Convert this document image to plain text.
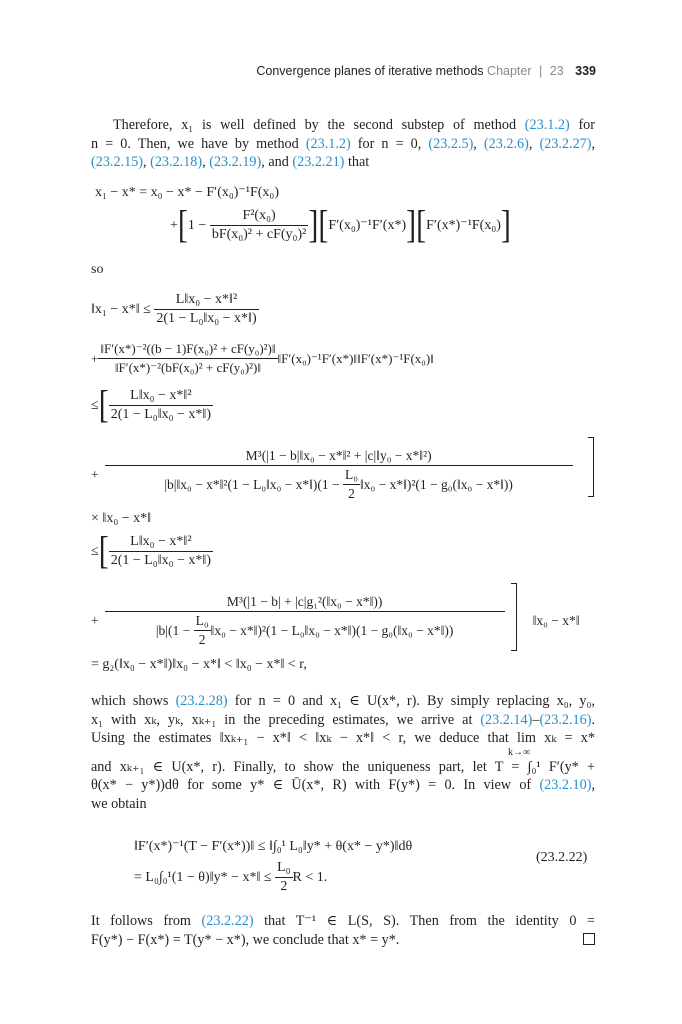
Convergence planes of iterative methods Chapter | 23 339
Therefore, x₁ is well defined by the second substep of method (23.1.2) for
n = 0. Then, we have by method (23.1.2) for n = 0, (23.2.5), (23.2.6), (23.2.27),
(23.2.15), (23.2.18), (23.2.19), and (23.2.21) that
x₁ − x* = x₀ − x* − F′(x₀)⁻¹F(x₀)
+ [ 1 −
$\frac{\text{F²(x₀)}}{\text{bF(x₀)² + cF(y₀)²}}$ ] [ F′(x₀)⁻¹F′(x*) ] [ F′(x*)⁻¹F(x₀) ]
so
‖x₁ − x*‖ ≤
$\frac{\text{L‖x₀ − x*‖²}}{\text{2(1 − L₀‖x₀ − x*‖)}}$
+ $\frac{\text{‖F′(x*)⁻²((b − 1)F(x₀)² + cF(y₀)²)‖}}{\text{‖F′(x*)⁻²(bF(x₀)² + cF(y₀)²)‖}}$ ‖F′(x₀)⁻¹F′(x*)‖‖F′(x*)⁻¹F(x₀)‖
≤ [	L‖x₀ − x*‖²
2(1 − L₀‖x₀ − x*‖)
+
M³(|1 − b|‖x₀ − x*‖² + |c|‖y₀ − x*‖²)
|b|‖x₀ − x*‖²(1 − L₀‖x₀ − x*‖)(1 −
$\frac{\text{L₀}}{2}$ ‖x₀ − x*‖)²(1 − g₀(‖x₀ − x*‖))
× ‖x₀ − x*‖
≤ [	L‖x₀ − x*‖²
2(1 − L₀‖x₀ − x*‖)
+
M³(|1 − b| + |c|g₁²(‖x₀ − x*‖))
|b|(1 −
$\frac{\text{L₀}}{2}$ ‖x₀ − x*‖)²(1 − L₀‖x₀ − x*‖)(1 − g₀(‖x₀ − x*‖))
‖x₀ − x*‖
= g₂(‖x₀ − x*‖)‖x₀ − x*‖ < ‖x₀ − x*‖ < r,
which shows (23.2.28) for n = 0 and x₁ ∈ U(x*, r). By simply replacing x₀, y₀,
x₁ with xₖ, yₖ, xₖ₊₁ in the preceding estimates, we arrive at (23.2.14)–(23.2.16).
Using the estimates ‖xₖ₊₁ − x*‖ < ‖xₖ − x*‖ < r, we deduce that lim xₖ = x*
k→∞
and xₖ₊₁ ∈ U(x*, r). Finally, to show the uniqueness part, let T = ∫₀¹ F′(y* +
θ(x* − y*))dθ for some y* ∈ Ū(x*, R) with F(y*) = 0. In view of (23.2.10),
we obtain
‖F′(x*)⁻¹(T − F′(x*))‖ ≤ ‖∫₀¹ L₀‖y* + θ(x* − y*)‖dθ
= L₀∫₀¹(1 − θ)‖y* − x*‖ ≤
$\frac{\text{L₀}}{2}$ R < 1.
(23.2.22)
It follows from (23.2.22) that T⁻¹ ∈ L(S, S). Then from the identity 0 =
F(y*) − F(x*) = T(y* − x*), we conclude that x* = y*.
